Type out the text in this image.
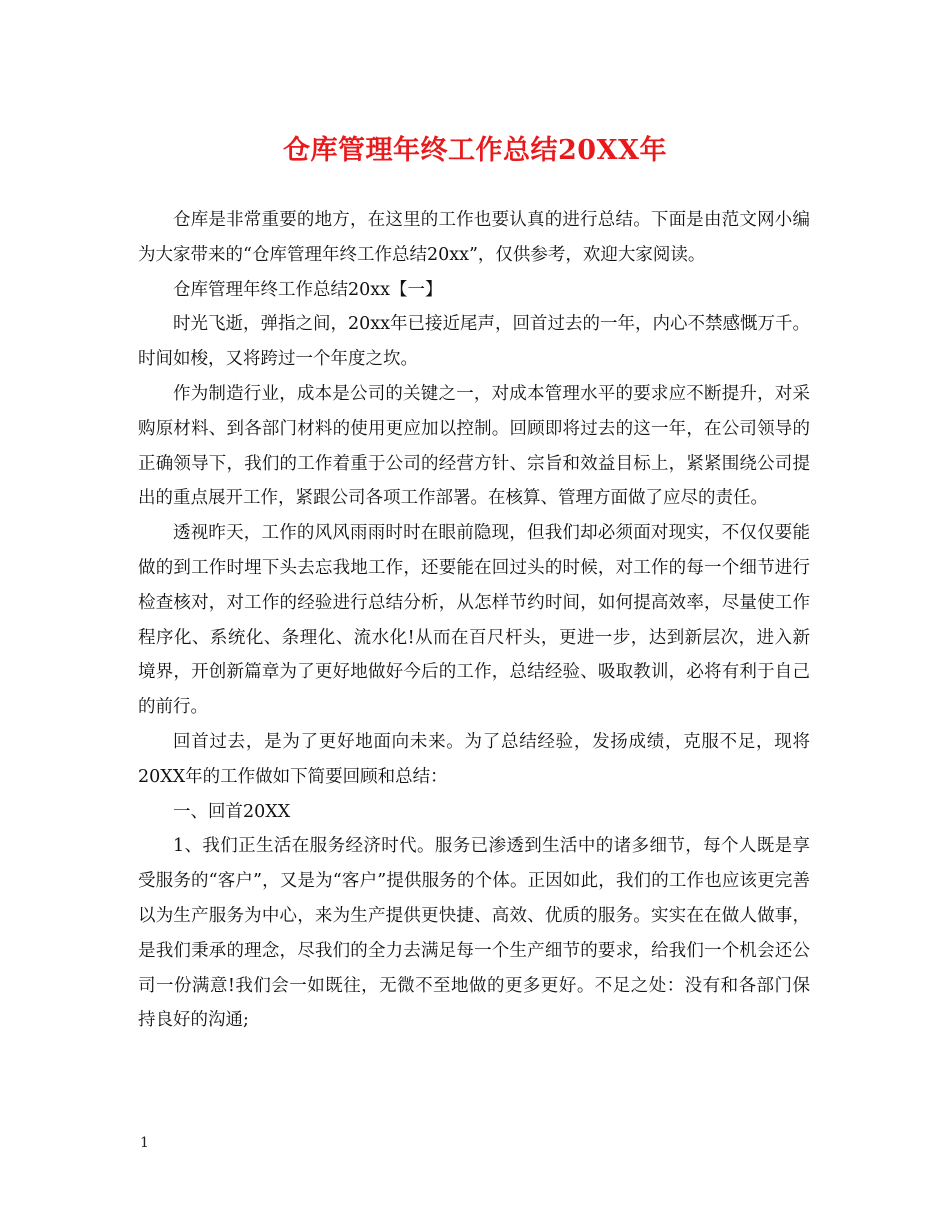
仓库管理年终工作总结20XX年

仓库是非常重要的地方，在这里的工作也要认真的进行总结。下面是由范文网小编为大家带来的“仓库管理年终工作总结20xx”，仅供参考，欢迎大家阅读。

仓库管理年终工作总结20xx【一】

时光飞逝，弹指之间，20xx年已接近尾声，回首过去的一年，内心不禁感慨万千。时间如梭，又将跨过一个年度之坎。

作为制造行业，成本是公司的关键之一，对成本管理水平的要求应不断提升，对采购原材料、到各部门材料的使用更应加以控制。回顾即将过去的这一年，在公司领导的正确领导下，我们的工作着重于公司的经营方针、宗旨和效益目标上，紧紧围绕公司提出的重点展开工作，紧跟公司各项工作部署。在核算、管理方面做了应尽的责任。

透视昨天，工作的风风雨雨时时在眼前隐现，但我们却必须面对现实，不仅仅要能做的到工作时埋下头去忘我地工作，还要能在回过头的时候，对工作的每一个细节进行检查核对，对工作的经验进行总结分析，从怎样节约时间，如何提高效率，尽量使工作程序化、系统化、条理化、流水化!从而在百尺杆头，更进一步，达到新层次，进入新境界，开创新篇章为了更好地做好今后的工作，总结经验、吸取教训，必将有利于自己的前行。

回首过去，是为了更好地面向未来。为了总结经验，发扬成绩，克服不足，现将20XX年的工作做如下简要回顾和总结：

一、回首20XX

1、我们正生活在服务经济时代。服务已渗透到生活中的诸多细节，每个人既是享受服务的“客户”，又是为“客户”提供服务的个体。正因如此，我们的工作也应该更完善以为生产服务为中心，来为生产提供更快捷、高效、优质的服务。实实在在做人做事，是我们秉承的理念，尽我们的全力去满足每一个生产细节的要求，给我们一个机会还公司一份满意!我们会一如既往，无微不至地做的更多更好。不足之处：没有和各部门保持良好的沟通;

1
